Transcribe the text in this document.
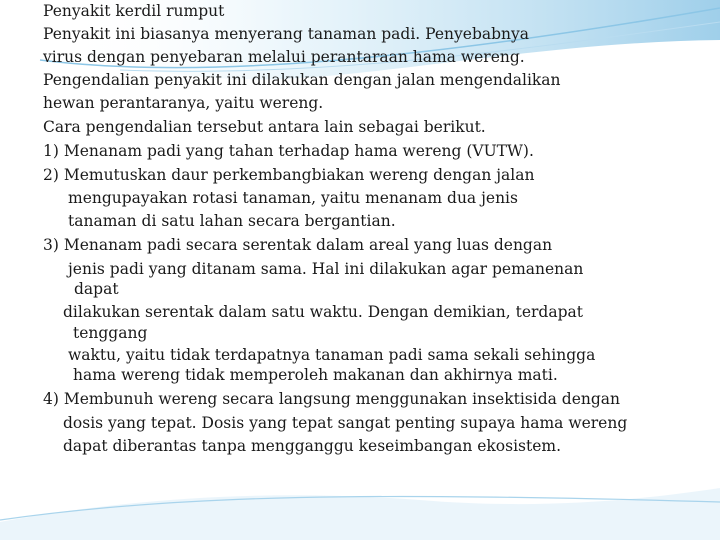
Penyakit kerdil rumput
Penyakit ini biasanya menyerang tanaman padi. Penyebabnya
virus dengan penyebaran melalui perantaraan hama wereng.
Pengendalian penyakit ini dilakukan dengan jalan mengendalikan
hewan perantaranya, yaitu wereng.
Cara pengendalian tersebut antara lain sebagai berikut.
1) Menanam padi yang tahan terhadap hama wereng (VUTW).
2) Memutuskan daur perkembangbiakan wereng dengan jalan
mengupayakan rotasi tanaman, yaitu menanam dua jenis
tanaman di satu lahan secara bergantian.
3) Menanam padi secara serentak dalam areal yang luas dengan
jenis padi yang ditanam sama. Hal ini dilakukan agar pemanenan
dapat
dilakukan serentak dalam satu waktu. Dengan demikian, terdapat
tenggang
waktu, yaitu tidak terdapatnya tanaman padi sama sekali sehingga
hama wereng tidak memperoleh makanan dan akhirnya mati.
4) Membunuh wereng secara langsung menggunakan insektisida dengan
dosis yang tepat. Dosis yang tepat sangat penting supaya hama wereng
dapat diberantas tanpa mengganggu keseimbangan ekosistem.
